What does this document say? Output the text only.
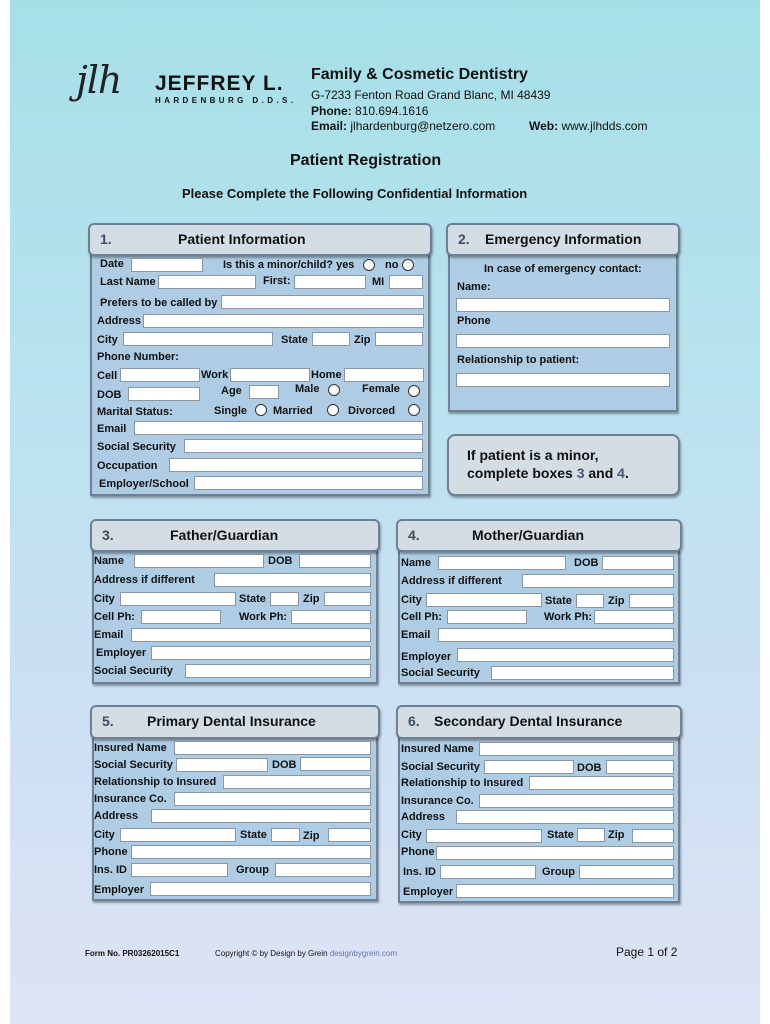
jlh JEFFREY L.
HARDENBURG D.D.S.
Family & Cosmetic Dentistry
G-7233 Fenton Road Grand Blanc, MI 48439
Phone: 810.694.1616
Email: jlhardenburg@netzero.com	Web: www.jlhdds.com
Patient Registration
Please Complete the Following Confidential Information
1.	Patient Information
Date	Is this a minor/child? yes	no
Last Name	First:	MI
Prefers to be called by
Address
City	State	Zip
Phone Number:
Cell	Work	Home
DOB	Age	Male	Female
Marital Status:	Single Married	Divorced
Email
Social Security
Occupation
Employer/School
2. Emergency Information
In case of emergency contact:
Name:
Phone
Relationship to patient:
If patient is a minor,
complete boxes 3 and 4.
3.	Father/Guardian
Name	DOB
Address if different
City	State	Zip
Cell Ph:	Work Ph:
Email
Employer
Social Security
4.	Mother/Guardian
Name	DOB
Address if different
City	State	Zip
Cell Ph:	Work Ph:
Email
Employer
Social Security
5. Primary Dental Insurance
Insured Name
Social Security	DOB
Relationship to Insured
Insurance Co.
Address
City	State	Zip
Phone
Ins. ID	Group
Employer
6. Secondary Dental Insurance
Insured Name
Social Security	DOB
Relationship to Insured
Insurance Co.
Address
City	State	Zip
Phone
Ins. ID	Group
Employer
Form No. PR03262015C1	Copyright © by Design by Grein designbygrein.com	Page 1 of 2
